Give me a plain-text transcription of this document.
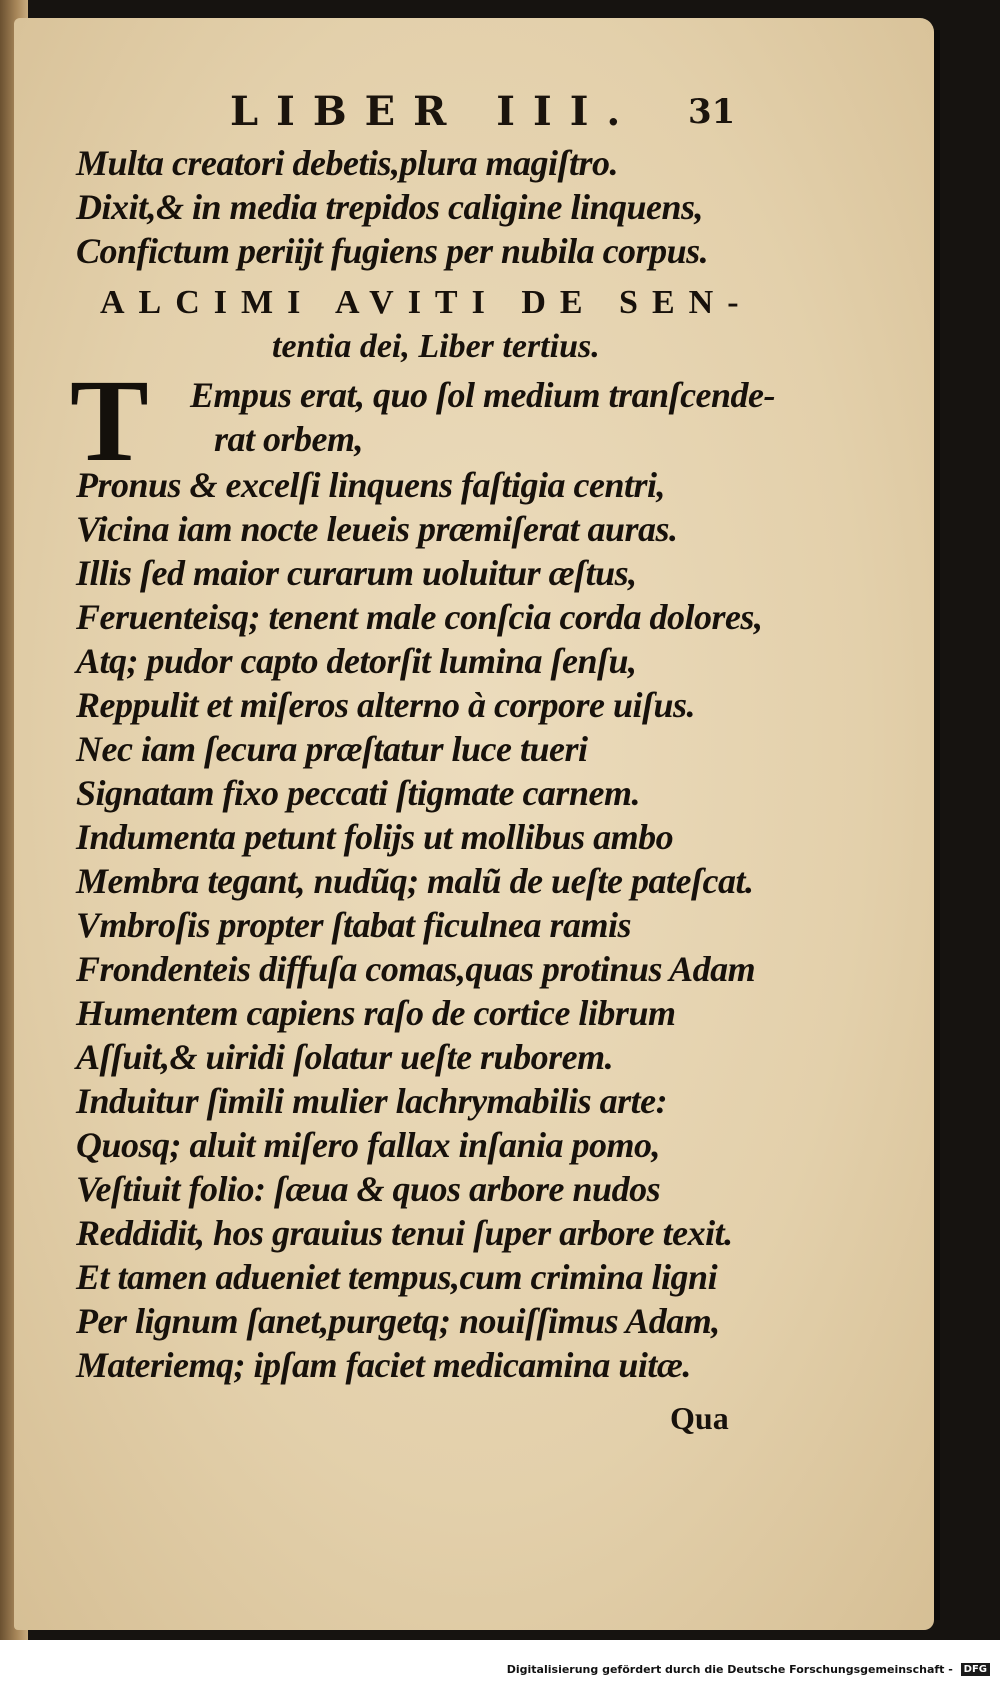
LIBER III. 31
Multa creatori debetis,plura magiſtro.
Dixit,& in media trepidos caligine linquens,
Confictum periijt fugiens per nubila corpus.
ALCIMI AVITI DE SEN-
tentia dei, Liber tertius.
T Empus erat, quo ſol medium tranſcende-
rat orbem,
Pronus & excelſi linquens faſtigia centri,
Vicina iam nocte leueis præmiſerat auras.
Illis ſed maior curarum uoluitur æſtus,
Feruenteisq; tenent male conſcia corda dolores,
Atq; pudor capto detorſit lumina ſenſu,
Reppulit et miſeros alterno à corpore uiſus.
Nec iam ſecura præſtatur luce tueri
Signatam fixo peccati ſtigmate carnem.
Indumenta petunt folijs ut mollibus ambo
Membra tegant, nudũq; malũ de ueſte pateſcat.
Vmbroſis propter ſtabat ficulnea ramis
Frondenteis diffuſa comas,quas protinus Adam
Humentem capiens raſo de cortice librum
Aſſuit,& uiridi ſolatur ueſte ruborem.
Induitur ſimili mulier lachrymabilis arte:
Quosq; aluit miſero fallax inſania pomo,
Veſtiuit folio: ſæua & quos arbore nudos
Reddidit, hos grauius tenui ſuper arbore texit.
Et tamen adueniet tempus,cum crimina ligni
Per lignum ſanet,purgetq; nouiſſimus Adam,
Materiemq; ipſam faciet medicamina uitæ.
Qua
Digitalisierung gefördert durch die Deutsche Forschungsgemeinschaft - DFG
